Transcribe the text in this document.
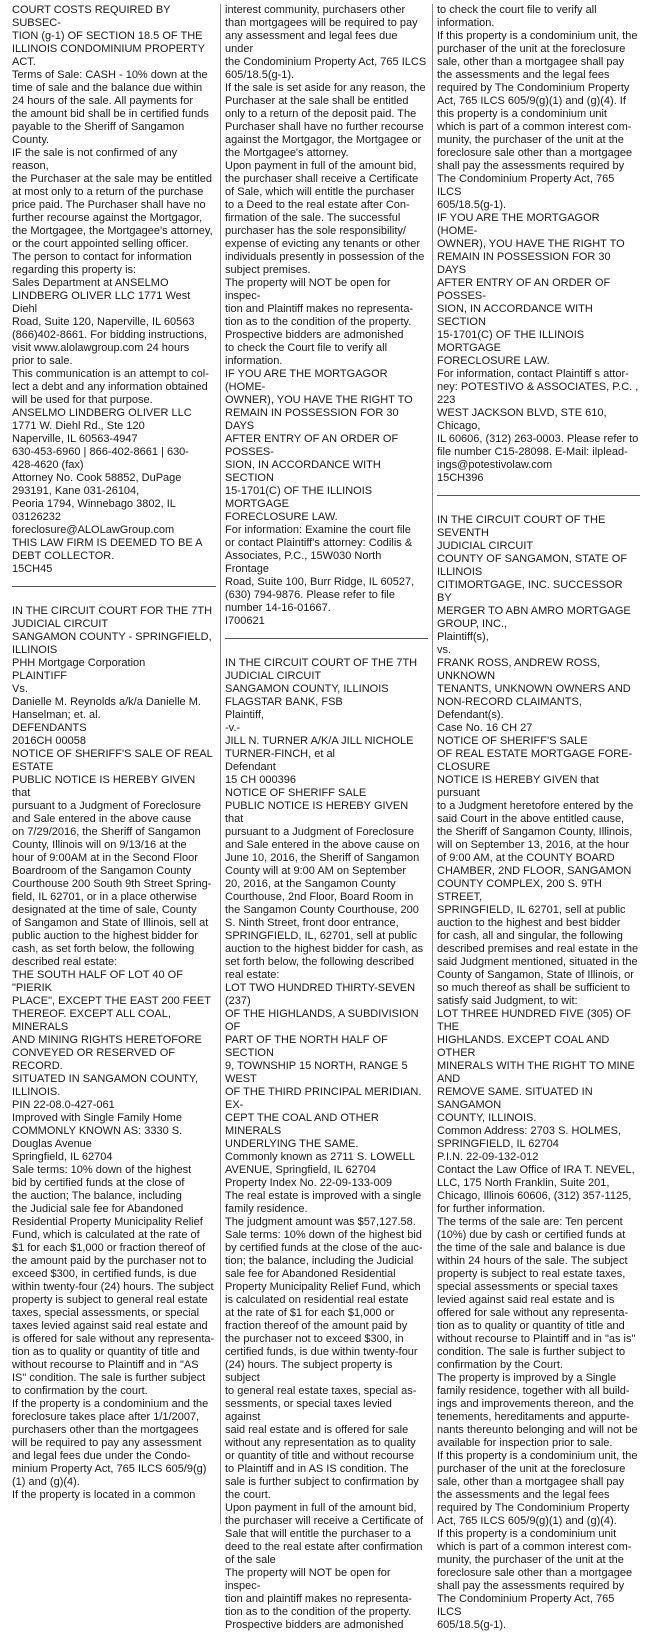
COURT COSTS REQUIRED BY SUBSEC-
TION (g-1) OF SECTION 18.5 OF THE
ILLINOIS CONDOMINIUM PROPERTY ACT.
Terms of Sale: CASH - 10% down at the
time of sale and the balance due within
24 hours of the sale. All payments for
the amount bid shall be in certified funds
payable to the Sheriff of Sangamon
County.
IF the sale is not confirmed of any reason,
the Purchaser at the sale may be entitled
at most only to a return of the purchase
price paid. The Purchaser shall have no
further recourse against the Mortgagor,
the Mortgagee, the Mortgagee's attorney,
or the court appointed selling officer.
The person to contact for information
regarding this property is:
Sales Department at ANSELMO
LINDBERG OLIVER LLC 1771 West Diehl
Road, Suite 120, Naperville, IL 60563
(866)402-8661. For bidding instructions,
visit www.alolawgroup.com 24 hours
prior to sale.
This communication is an attempt to col-
lect a debt and any information obtained
will be used for that purpose.
ANSELMO LINDBERG OLIVER LLC
1771 W. Diehl Rd., Ste 120
Naperville, IL 60563-4947
630-453-6960 | 866-402-8661 | 630-
428-4620 (fax)
Attorney No. Cook 58852, DuPage
293191, Kane 031-26104,
Peoria 1794, Winnebago 3802, IL
03126232
foreclosure@ALOLawGroup.com
THIS LAW FIRM IS DEEMED TO BE A
DEBT COLLECTOR.
15CH45

IN THE CIRCUIT COURT FOR THE 7TH
JUDICIAL CIRCUIT
SANGAMON COUNTY - SPRINGFIELD,
ILLINOIS
PHH Mortgage Corporation
PLAINTIFF
Vs.
Danielle M. Reynolds a/k/a Danielle M.
Hanselman; et. al.
DEFENDANTS
2016CH 00058
NOTICE OF SHERIFF'S SALE OF REAL
ESTATE
PUBLIC NOTICE IS HEREBY GIVEN that
pursuant to a Judgment of Foreclosure
and Sale entered in the above cause
on 7/29/2016, the Sheriff of Sangamon
County, Illinois will on 9/13/16 at the
hour of 9:00AM at in the Second Floor
Boardroom of the Sangamon County
Courthouse 200 South 9th Street Spring-
field, IL 62701, or in a place otherwise
designated at the time of sale, County
of Sangamon and State of Illinois, sell at
public auction to the highest bidder for
cash, as set forth below, the following
described real estate:
THE SOUTH HALF OF LOT 40 OF "PIERIK
PLACE", EXCEPT THE EAST 200 FEET
THEREOF. EXCEPT ALL COAL, MINERALS
AND MINING RIGHTS HERETOFORE
CONVEYED OR RESERVED OF RECORD.
SITUATED IN SANGAMON COUNTY,
ILLINOIS.
PIN 22-08.0-427-061
Improved with Single Family Home
COMMONLY KNOWN AS: 3330 S.
Douglas Avenue
Springfield, IL 62704
Sale terms: 10% down of the highest
bid by certified funds at the close of
the auction; The balance, including
the Judicial sale fee for Abandoned
Residential Property Municipality Relief
Fund, which is calculated at the rate of
$1 for each $1,000 or fraction thereof of
the amount paid by the purchaser not to
exceed $300, in certified funds, is due
within twenty-four (24) hours. The subject
property is subject to general real estate
taxes, special assessments, or special
taxes levied against said real estate and
is offered for sale without any representa-
tion as to quality or quantity of title and
without recourse to Plaintiff and in "AS
IS" condition. The sale is further subject
to confirmation by the court.
If the property is a condominium and the
foreclosure takes place after 1/1/2007,
purchasers other than the mortgagees
will be required to pay any assessment
and legal fees due under the Condo-
minium Property Act, 765 ILCS 605/9(g)
(1) and (g)(4).
If the property is located in a common

interest community, purchasers other
than mortgagees will be required to pay
any assessment and legal fees due under
the Condominium Property Act, 765 ILCS
605/18.5(g-1).
If the sale is set aside for any reason, the
Purchaser at the sale shall be entitled
only to a return of the deposit paid. The
Purchaser shall have no further recourse
against the Mortgagor, the Mortgagee or
the Mortgagee's attorney.
Upon payment in full of the amount bid,
the purchaser shall receive a Certificate
of Sale, which will entitle the purchaser
to a Deed to the real estate after Con-
firmation of the sale. The successful
purchaser has the sole responsibility/
expense of evicting any tenants or other
individuals presently in possession of the
subject premises.
The property will NOT be open for inspec-
tion and Plaintiff makes no representa-
tion as to the condition of the property.
Prospective bidders are admonished
to check the Court file to verify all
information.
IF YOU ARE THE MORTGAGOR (HOME-
OWNER), YOU HAVE THE RIGHT TO
REMAIN IN POSSESSION FOR 30 DAYS
AFTER ENTRY OF AN ORDER OF POSSES-
SION, IN ACCORDANCE WITH SECTION
15-1701(C) OF THE ILLINOIS MORTGAGE
FORECLOSURE LAW.
For information: Examine the court file
or contact Plaintiff's attorney: Codilis &
Associates, P.C., 15W030 North Frontage
Road, Suite 100, Burr Ridge, IL 60527,
(630) 794-9876. Please refer to file
number 14-16-01667.
I700621

IN THE CIRCUIT COURT OF THE 7TH
JUDICIAL CIRCUIT
SANGAMON COUNTY, ILLINOIS
FLAGSTAR BANK, FSB
Plaintiff,
-v.-
JILL N. TURNER A/K/A JILL NICHOLE
TURNER-FINCH, et al
Defendant
15 CH 000396
NOTICE OF SHERIFF SALE
PUBLIC NOTICE IS HEREBY GIVEN that
pursuant to a Judgment of Foreclosure
and Sale entered in the above cause on
June 10, 2016, the Sheriff of Sangamon
County will at 9:00 AM on September
20, 2016, at the Sangamon County
Courthouse, 2nd Floor, Board Room in
the Sangamon County Courthouse, 200
S. Ninth Street, front door entrance,
SPRINGFIELD, IL, 62701, sell at public
auction to the highest bidder for cash, as
set forth below, the following described
real estate:
LOT TWO HUNDRED THIRTY-SEVEN (237)
OF THE HIGHLANDS, A SUBDIVISION OF
PART OF THE NORTH HALF OF SECTION
9, TOWNSHIP 15 NORTH, RANGE 5 WEST
OF THE THIRD PRINCIPAL MERIDIAN. EX-
CEPT THE COAL AND OTHER MINERALS
UNDERLYING THE SAME.
Commonly known as 2711 S. LOWELL
AVENUE, Springfield, IL 62704
Property Index No. 22-09-133-009
The real estate is improved with a single
family residence.
The judgment amount was $57,127.58.
Sale terms: 10% down of the highest bid
by certified funds at the close of the auc-
tion; the balance, including the Judicial
sale fee for Abandoned Residential
Property Municipality Relief Fund, which
is calculated on residential real estate
at the rate of $1 for each $1,000 or
fraction thereof of the amount paid by
the purchaser not to exceed $300, in
certified funds, is due within twenty-four
(24) hours. The subject property is subject
to general real estate taxes, special as-
sessments, or special taxes levied against
said real estate and is offered for sale
without any representation as to quality
or quantity of title and without recourse
to Plaintiff and in AS IS condition. The
sale is further subject to confirmation by
the court.
Upon payment in full of the amount bid,
the purchaser will receive a Certificate of
Sale that will entitle the purchaser to a
deed to the real estate after confirmation
of the sale
The property will NOT be open for inspec-
tion and plaintiff makes no representa-
tion as to the condition of the property.
Prospective bidders are admonished

to check the court file to verify all
information.
If this property is a condominium unit, the
purchaser of the unit at the foreclosure
sale, other than a mortgagee shall pay
the assessments and the legal fees
required by The Condominium Property
Act, 765 ILCS 605/9(g)(1) and (g)(4). If
this property is a condominium unit
which is part of a common interest com-
munity, the purchaser of the unit at the
foreclosure sale other than a mortgagee
shall pay the assessments required by
The Condominium Property Act, 765 ILCS
605/18.5(g-1).
IF YOU ARE THE MORTGAGOR (HOME-
OWNER), YOU HAVE THE RIGHT TO
REMAIN IN POSSESSION FOR 30 DAYS
AFTER ENTRY OF AN ORDER OF POSSES-
SION, IN ACCORDANCE WITH SECTION
15-1701(C) OF THE ILLINOIS MORTGAGE
FORECLOSURE LAW.
For information, contact Plaintiff s attor-
ney: POTESTIVO & ASSOCIATES, P.C. , 223
WEST JACKSON BLVD, STE 610, Chicago,
IL 60606, (312) 263-0003. Please refer to
file number C15-28098. E-Mail: ilplead-
ings@potestivolaw.com
15CH396

IN THE CIRCUIT COURT OF THE SEVENTH
JUDICIAL CIRCUIT
COUNTY OF SANGAMON, STATE OF
ILLINOIS
CITIMORTGAGE, INC. SUCCESSOR BY
MERGER TO ABN AMRO MORTGAGE
GROUP, INC.,
Plaintiff(s),
vs.
FRANK ROSS, ANDREW ROSS, UNKNOWN
TENANTS, UNKNOWN OWNERS AND
NON-RECORD CLAIMANTS,
Defendant(s).
Case No. 16 CH 27
NOTICE OF SHERIFF'S SALE
OF REAL ESTATE MORTGAGE FORE-
CLOSURE
NOTICE IS HEREBY GIVEN that pursuant
to a Judgment heretofore entered by the
said Court in the above entitled cause,
the Sheriff of Sangamon County, Illinois,
will on September 13, 2016, at the hour
of 9:00 AM, at the COUNTY BOARD
CHAMBER, 2ND FLOOR, SANGAMON
COUNTY COMPLEX, 200 S. 9TH STREET,
SPRINGFIELD, IL 62701, sell at public
auction to the highest and best bidder
for cash, all and singular, the following
described premises and real estate in the
said Judgment mentioned, situated in the
County of Sangamon, State of Illinois, or
so much thereof as shall be sufficient to
satisfy said Judgment, to wit:
LOT THREE HUNDRED FIVE (305) OF THE
HIGHLANDS. EXCEPT COAL AND OTHER
MINERALS WITH THE RIGHT TO MINE AND
REMOVE SAME. SITUATED IN SANGAMON
COUNTY, ILLINOIS.
Common Address: 2703 S. HOLMES,
SPRINGFIELD, IL 62704
P.I.N. 22-09-132-012
Contact the Law Office of IRA T. NEVEL,
LLC, 175 North Franklin, Suite 201,
Chicago, Illinois 60606, (312) 357-1125,
for further information.
The terms of the sale are: Ten percent
(10%) due by cash or certified funds at
the time of the sale and balance is due
within 24 hours of the sale. The subject
property is subject to real estate taxes,
special assessments or special taxes
levied against said real estate and is
offered for sale without any representa-
tion as to quality or quantity of title and
without recourse to Plaintiff and in "as is"
condition. The sale is further subject to
confirmation by the Court.
The property is improved by a Single
family residence, together with all build-
ings and improvements thereon, and the
tenements, hereditaments and appurte-
nants thereunto belonging and will not be
available for inspection prior to sale.
If this property is a condominium unit, the
purchaser of the unit at the foreclosure
sale, other than a mortgagee shall pay
the assessments and the legal fees
required by The Condominium Property
Act, 765 ILCS 605/9(g)(1) and (g)(4).
If this property is a condominium unit
which is part of a common interest com-
munity, the purchaser of the unit at the
foreclosure sale other than a mortgagee
shall pay the assessments required by
The Condominium Property Act, 765 ILCS
605/18.5(g-1).
